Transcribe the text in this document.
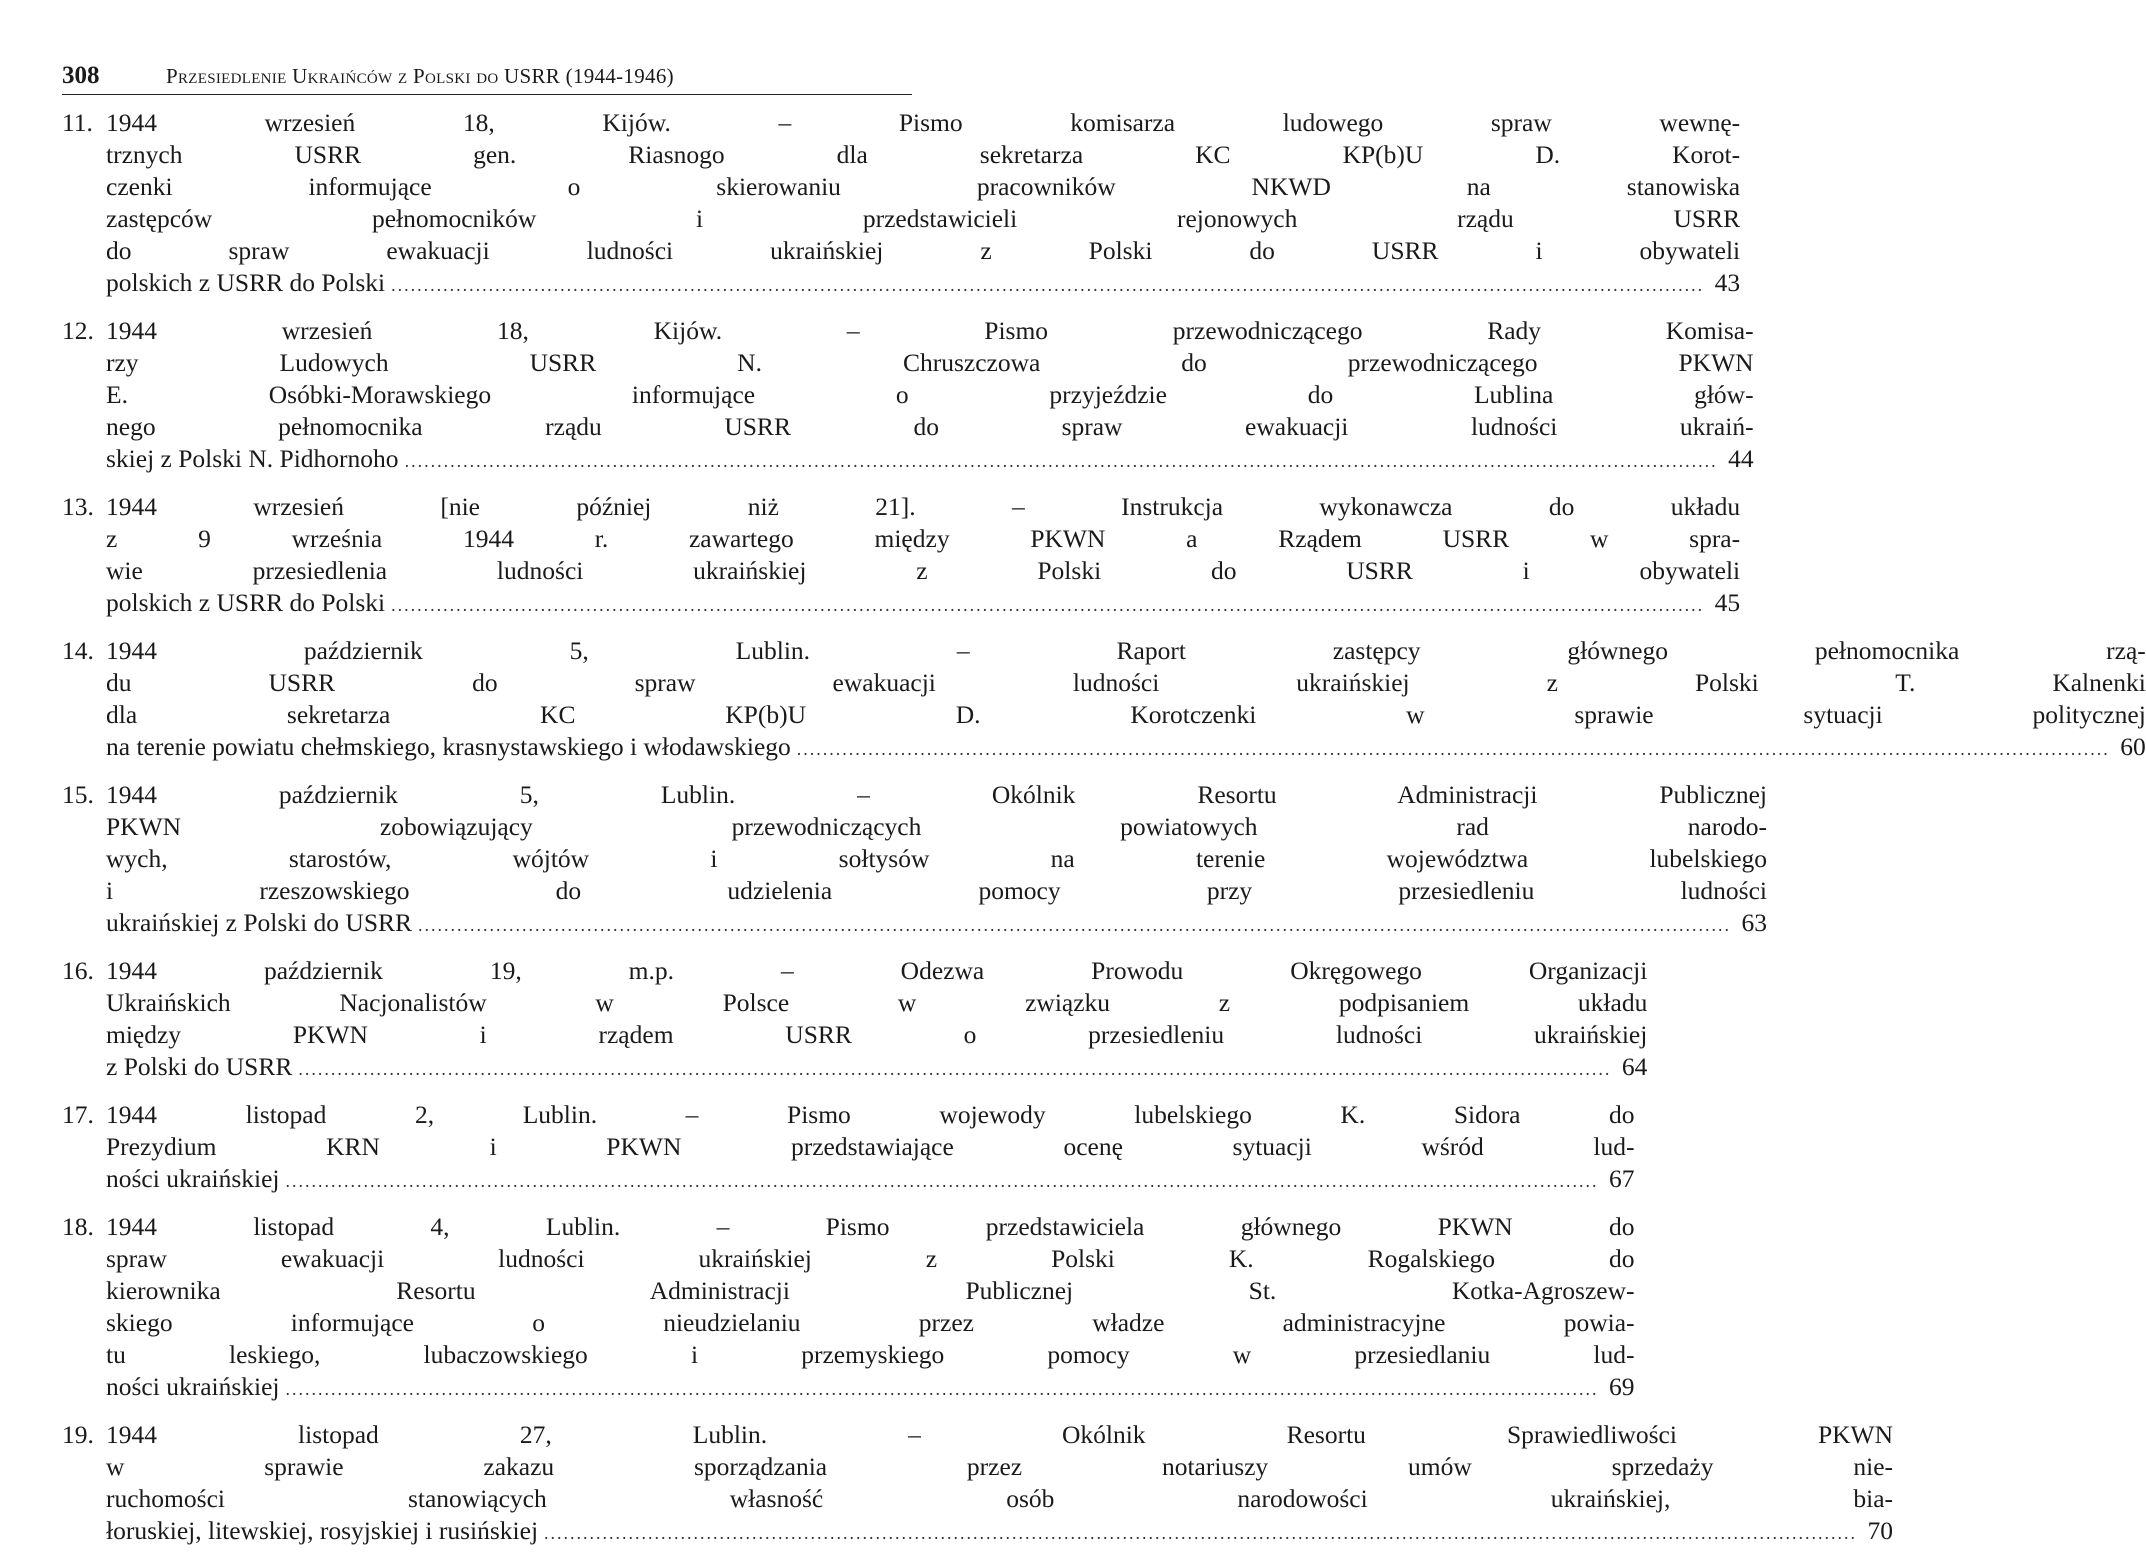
308	Przesiedlenie Ukraińców z Polski do USRR (1944-1946)
11. 1944 wrzesień 18, Kijów. – Pismo komisarza ludowego spraw wewnę-

trznych USRR gen. Riasnogo dla sekretarza KC KP(b)U D. Korot-

czenki informujące o skierowaniu pracowników NKWD na stanowiska

zastępców pełnomocników i przedstawicieli rejonowych rządu USRR

do spraw ewakuacji ludności ukraińskiej z Polski do USRR i obywateli

polskich z USRR do Polski .....	43
12. 1944 wrzesień 18, Kijów. – Pismo przewodniczącego Rady Komisa-

rzy Ludowych USRR N. Chruszczowa do przewodniczącego PKWN

E. Osóbki-Morawskiego informujące o przyjeździe do Lublina głów-

nego pełnomocnika rządu USRR do spraw ewakuacji ludności ukraiń-

skiej z Polski N. Pidhornoho .....	44
13. 1944 wrzesień [nie później niż 21]. – Instrukcja wykonawcza do układu

z 9 września 1944 r. zawartego między PKWN a Rządem USRR w spra-

wie przesiedlenia ludności ukraińskiej z Polski do USRR i obywateli

polskich z USRR do Polski .....	45
14. 1944 październik 5, Lublin. – Raport zastępcy głównego pełnomocnika rzą-

du USRR do spraw ewakuacji ludności ukraińskiej z Polski T. Kalnenki

dla sekretarza KC KP(b)U D. Korotczenki w sprawie sytuacji politycznej

na terenie powiatu chełmskiego, krasnystawskiego i włodawskiego .....	60
15. 1944 październik 5, Lublin. – Okólnik Resortu Administracji Publicznej

PKWN zobowiązujący przewodniczących powiatowych rad narodo-

wych, starostów, wójtów i sołtysów na terenie województwa lubelskiego

i rzeszowskiego do udzielenia pomocy przy przesiedleniu ludności

ukraińskiej z Polski do USRR .....	63
16. 1944 październik 19, m.p. – Odezwa Prowodu Okręgowego Organizacji

Ukraińskich Nacjonalistów w Polsce w związku z podpisaniem układu

między PKWN i rządem USRR o przesiedleniu ludności ukraińskiej

z Polski do USRR .....	64
17. 1944 listopad 2, Lublin. – Pismo wojewody lubelskiego K. Sidora do

Prezydium KRN i PKWN przedstawiające ocenę sytuacji wśród lud-

ności ukraińskiej .....	67
18. 1944 listopad 4, Lublin. – Pismo przedstawiciela głównego PKWN do

spraw ewakuacji ludności ukraińskiej z Polski K. Rogalskiego do

kierownika Resortu Administracji Publicznej St. Kotka-Agroszew-

skiego informujące o nieudzielaniu przez władze administracyjne powia-

tu leskiego, lubaczowskiego i przemyskiego pomocy w przesiedlaniu lud-

ności ukraińskiej .....	69
19. 1944 listopad 27, Lublin. – Okólnik Resortu Sprawiedliwości PKWN

w sprawie zakazu sporządzania przez notariuszy umów sprzedaży nie-

ruchomości stanowiących własność osób narodowości ukraińskiej, bia-

łoruskiej, litewskiej, rosyjskiej i rusińskiej .....	70
